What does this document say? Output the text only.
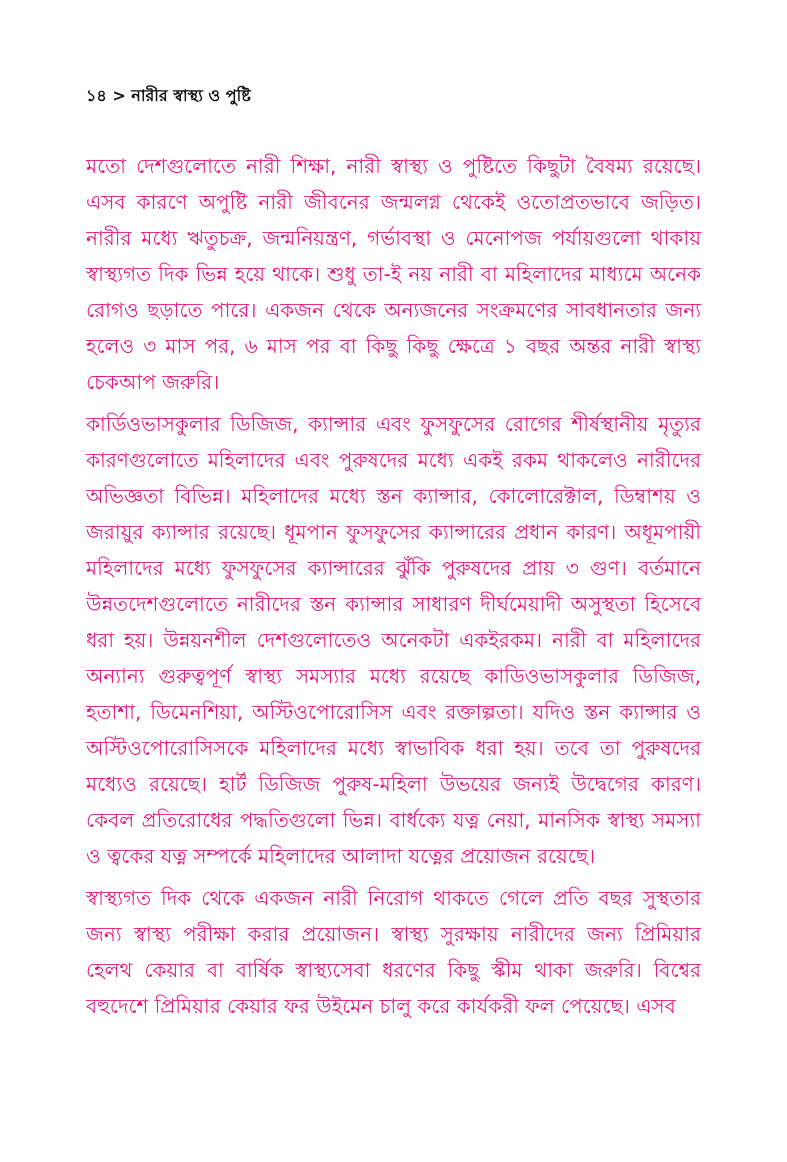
১৪ > নারীর স্বাস্থ্য ও পুষ্টি

মতো দেশগুলোতে নারী শিক্ষা, নারী স্বাস্থ্য ও পুষ্টিতে কিছুটা বৈষম্য রয়েছে। এসব কারণে অপুষ্টি নারী জীবনের জন্মলগ্ন থেকেই ওতোপ্রতভাবে জড়িত। নারীর মধ্যে ঋতুচক্র, জন্মনিয়ন্ত্রণ, গর্ভাবস্থা ও মেনোপজ পর্যায়গুলো থাকায় স্বাস্থ্যগত দিক ভিন্ন হয়ে থাকে। শুধু তা-ই নয় নারী বা মহিলাদের মাধ্যমে অনেক রোগও ছড়াতে পারে। একজন থেকে অন্যজনের সংক্রমণের সাবধানতার জন্য হলেও ৩ মাস পর, ৬ মাস পর বা কিছু কিছু ক্ষেত্রে ১ বছর অন্তর নারী স্বাস্থ্য চেকআপ জরুরি।

কার্ডিওভাসকুলার ডিজিজ, ক্যান্সার এবং ফুসফুসের রোগের শীর্ষস্থানীয় মৃত্যুর কারণগুলোতে মহিলাদের এবং পুরুষদের মধ্যে একই রকম থাকলেও নারীদের অভিজ্ঞতা বিভিন্ন। মহিলাদের মধ্যে স্তন ক্যান্সার, কোলোরেক্টাল, ডিম্বাশয় ও জরায়ুর ক্যান্সার রয়েছে। ধূমপান ফুসফুসের ক্যান্সারের প্রধান কারণ। অধূমপায়ী মহিলাদের মধ্যে ফুসফুসের ক্যান্সারের ঝুঁকি পুরুষদের প্রায় ৩ গুণ। বর্তমানে উন্নতদেশগুলোতে নারীদের স্তন ক্যান্সার সাধারণ দীর্ঘমেয়াদী অসুস্থতা হিসেবে ধরা হয়। উন্নয়নশীল দেশগুলোতেও অনেকটা একইরকম। নারী বা মহিলাদের অন্যান্য গুরুত্বপূর্ণ স্বাস্থ্য সমস্যার মধ্যে রয়েছে কাডিওভাসকুলার ডিজিজ, হতাশা, ডিমেনশিয়া, অস্টিওপোরোসিস এবং রক্তাল্পতা। যদিও স্তন ক্যান্সার ও অস্টিওপোরোসিসকে মহিলাদের মধ্যে স্বাভাবিক ধরা হয়। তবে তা পুরুষদের মধ্যেও রয়েছে। হার্ট ডিজিজ পুরুষ-মহিলা উভয়ের জন্যই উদ্বেগের কারণ। কেবল প্রতিরোধের পদ্ধতিগুলো ভিন্ন। বার্ধক্যে যত্ন নেয়া, মানসিক স্বাস্থ্য সমস্যা ও ত্বকের যত্ন সম্পর্কে মহিলাদের আলাদা যত্নের প্রয়োজন রয়েছে।

স্বাস্থ্যগত দিক থেকে একজন নারী নিরোগ থাকতে গেলে প্রতি বছর সুস্থতার জন্য স্বাস্থ্য পরীক্ষা করার প্রয়োজন। স্বাস্থ্য সুরক্ষায় নারীদের জন্য প্রিমিয়ার হেলথ কেয়ার বা বার্ষিক স্বাস্থ্যসেবা ধরণের কিছু স্কীম থাকা জরুরি। বিশ্বের বহুদেশে প্রিমিয়ার কেয়ার ফর উইমেন চালু করে কার্যকরী ফল পেয়েছে। এসব
